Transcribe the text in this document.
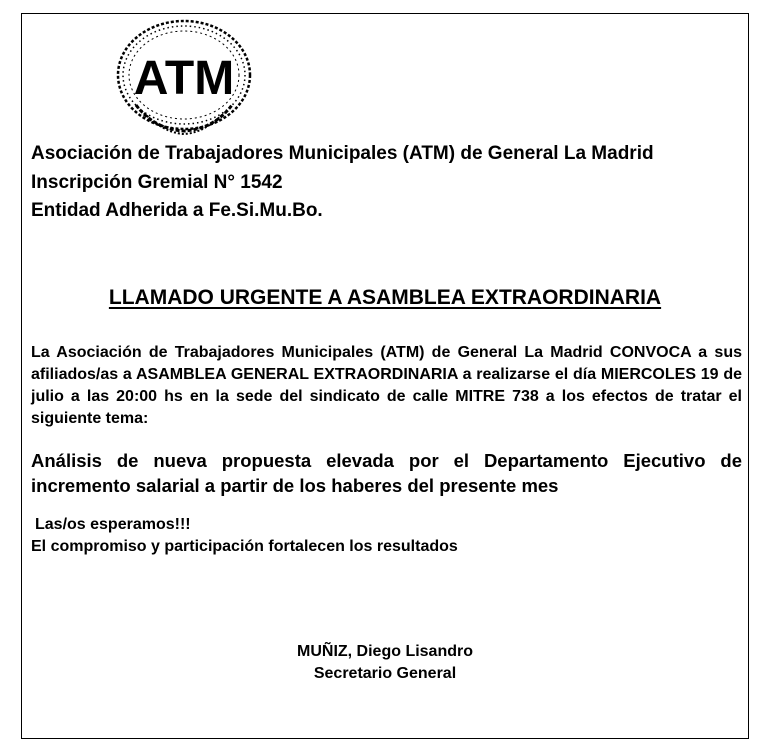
ATM
Asociación de Trabajadores Municipales (ATM) de General La Madrid
Inscripción Gremial N° 1542
Entidad Adherida a Fe.Si.Mu.Bo.
LLAMADO URGENTE A ASAMBLEA EXTRAORDINARIA
La Asociación de Trabajadores Municipales (ATM) de General La Madrid CONVOCA a sus afiliados/as a ASAMBLEA GENERAL EXTRAORDINARIA a realizarse el día MIERCOLES 19 de julio a las 20:00 hs en la sede del sindicato de calle MITRE 738 a los efectos de tratar el siguiente tema:
Análisis de nueva propuesta elevada por el Departamento Ejecutivo de incremento salarial a partir de los haberes del presente mes
Las/os esperamos!!!
El compromiso y participación fortalecen los resultados
MUÑIZ, Diego Lisandro
Secretario General
